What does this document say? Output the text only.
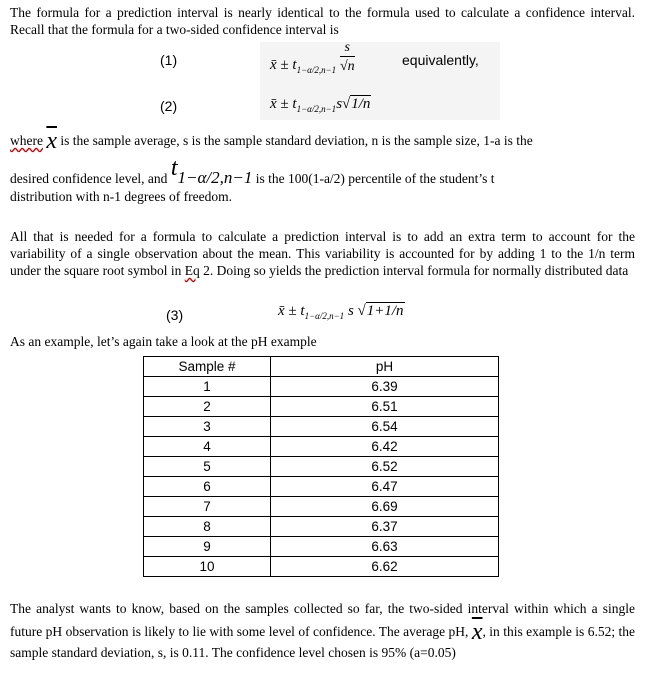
The formula for a prediction interval is nearly identical to the formula used to calculate a confidence interval. Recall that the formula for a two-sided confidence interval is
(1)	x̄ ± $t_{1-\alpha/2,n-1} \frac{s}{√n}$	equivalently,
(2)	x̄ ± $t_{1-\alpha/2,n-1}s√1/n$
where $\overline{x}$ is the sample average, s is the sample standard deviation, n is the sample size, 1-a is the
desired confidence level, and t1−α/2,n−1 is the 100(1-a/2) percentile of the student’s t
distribution with n-1 degrees of freedom.
All that is needed for a formula to calculate a prediction interval is to add an extra term to account for the variability of a single observation about the mean. This variability is accounted for by adding 1 to the 1/n term under the square root symbol in Eq 2. Doing so yields the prediction interval formula for normally distributed data
(3)	x̄ ± $t_{1-\alpha/2,n-1}$ s √1+1/n
As an example, let’s again take a look at the pH example
Sample #	pH
1	6.39
2	6.51
3	6.54
4	6.42
5	6.52
6	6.47
7	6.69
8	6.37
9	6.63
10	6.62
The analyst wants to know, based on the samples collected so far, the two-sided interval within which a single future pH observation is likely to lie with some level of confidence. The average pH, $\overline{x}$, in this example is 6.52; the sample standard deviation, s, is 0.11. The confidence level chosen is 95% (a=0.05)
